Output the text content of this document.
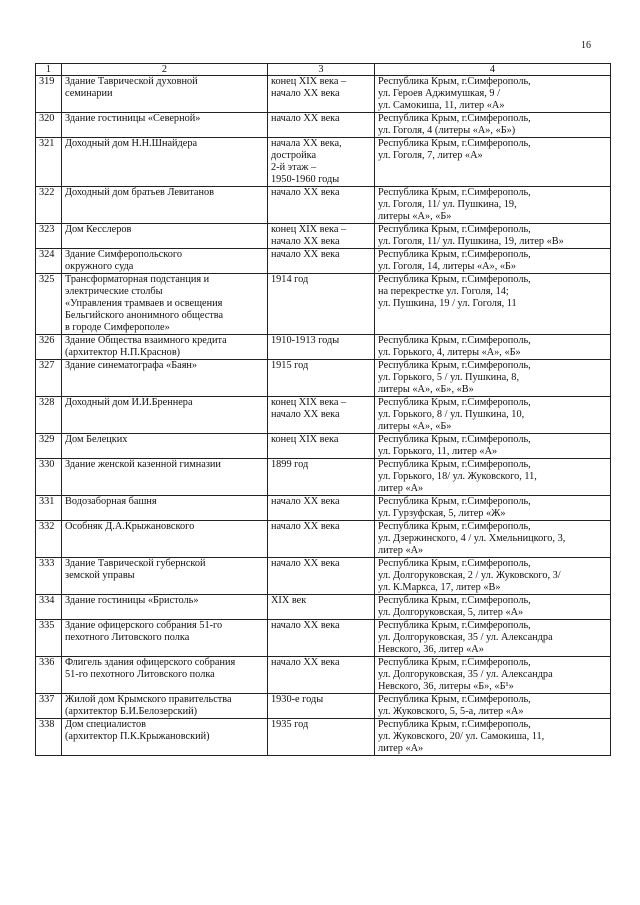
16
1	2	3	4
319	Здание Таврической духовной
семинарии	конец XIX века –
начало XX века	Республика Крым, г.Симферополь,
ул. Героев Аджимушкая, 9 /
ул. Самокиша, 11, литер «А»
320	Здание гостиницы «Северной»	начало XX века	Республика Крым, г.Симферополь,
ул. Гоголя, 4 (литеры «А», «Б»)
321	Доходный дом Н.Н.Шнайдера	начала XX века,
достройка
2-й этаж –
1950-1960 годы	Республика Крым, г.Симферополь,
ул. Гоголя, 7, литер «А»
322	Доходный дом братьев Левитанов	начало XX века	Республика Крым, г.Симферополь,
ул. Гоголя, 11/ ул. Пушкина, 19,
литеры «А», «Б»
323	Дом Кесслеров	конец XIX века –
начало XX века	Республика Крым, г.Симферополь,
ул. Гоголя, 11/ ул. Пушкина, 19, литер «В»
324	Здание Симферопольского
окружного суда	начало XX века	Республика Крым, г.Симферополь,
ул. Гоголя, 14, литеры «А», «Б»
325	Трансформаторная подстанция и
электрические столбы
«Управления трамваев и освещения
Бельгийского анонимного общества
в городе Симферополе»	1914 год	Республика Крым, г.Симферополь,
на перекрестке ул. Гоголя, 14;
ул. Пушкина, 19 / ул. Гоголя, 11
326	Здание Общества взаимного кредита
(архитектор Н.П.Краснов)	1910-1913 годы	Республика Крым, г.Симферополь,
ул. Горького, 4, литеры «А», «Б»
327	Здание синематографа «Баян»	1915 год	Республика Крым, г.Симферополь,
ул. Горького, 5 / ул. Пушкина, 8,
литеры «А», «Б», «В»
328	Доходный дом И.И.Бреннера	конец XIX века –
начало XX века	Республика Крым, г.Симферополь,
ул. Горького, 8 / ул. Пушкина, 10,
литеры «А», «Б»
329	Дом Белецких	конец XIX века	Республика Крым, г.Симферополь,
ул. Горького, 11, литер «А»
330	Здание женской казенной гимназии	1899 год	Республика Крым, г.Симферополь,
ул. Горького, 18/ ул. Жуковского, 11,
литер «А»
331	Водозаборная башня	начало XX века	Республика Крым, г.Симферополь,
ул. Гурзуфская, 5, литер «Ж»
332	Особняк Д.А.Крыжановского	начало XX века	Республика Крым, г.Симферополь,
ул. Дзержинского, 4 / ул. Хмельницкого, 3,
литер «А»
333	Здание Таврической губернской
земской управы	начало XX века	Республика Крым, г.Симферополь,
ул. Долгоруковская, 2 / ул. Жуковского, 3/
ул. К.Маркса, 17, литер «В»
334	Здание гостиницы «Бристоль»	XIX век	Республика Крым, г.Симферополь,
ул. Долгоруковская, 5, литер «А»
335	Здание офицерского собрания 51-го
пехотного Литовского полка	начало XX века	Республика Крым, г.Симферополь,
ул. Долгоруковская, 35 / ул. Александра
Невского, 36, литер «А»
336	Флигель здания офицерского собрания
51-го пехотного Литовского полка	начало XX века	Республика Крым, г.Симферополь,
ул. Долгоруковская, 35 / ул. Александра
Невского, 36, литеры «Б», «Б¹»
337	Жилой дом Крымского правительства
(архитектор Б.И.Белозерский)	1930-е годы	Республика Крым, г.Симферополь,
ул. Жуковского, 5, 5-а, литер «А»
338	Дом специалистов
(архитектор П.К.Крыжановский)	1935 год	Республика Крым, г.Симферополь,
ул. Жуковского, 20/ ул. Самокиша, 11,
литер «А»
